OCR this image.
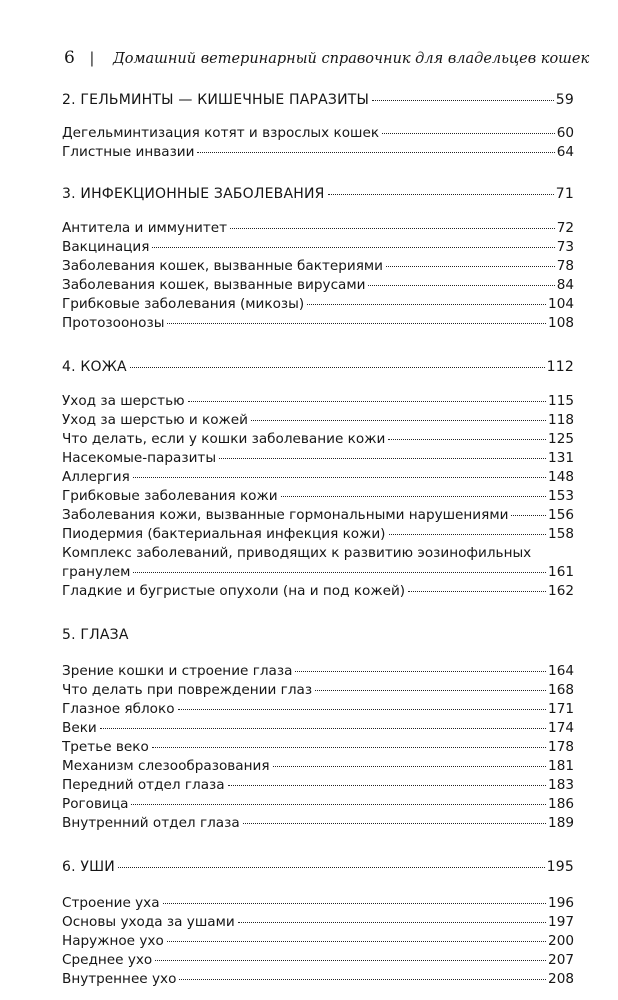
6 | Домашний ветеринарный справочник для владельцев кошек
2. ГЕЛЬМИНТЫ — КИШЕЧНЫЕ ПАРАЗИТЫ	59
Дегельминтизация котят и взрослых кошек	60
Глистные инвазии	64
3. ИНФЕКЦИОННЫЕ ЗАБОЛЕВАНИЯ	71
Антитела и иммунитет	72
Вакцинация	73
Заболевания кошек, вызванные бактериями	78
Заболевания кошек, вызванные вирусами	84
Грибковые заболевания (микозы)	104
Протозоонозы	108
4. КОЖА	112
Уход за шерстью	115
Уход за шерстью и кожей	118
Что делать, если у кошки заболевание кожи	125
Насекомые-паразиты	131
Аллергия	148
Грибковые заболевания кожи	153
Заболевания кожи, вызванные гормональными нарушениями	156
Пиодермия (бактериальная инфекция кожи)	158
Комплекс заболеваний, приводящих к развитию эозинофильных
гранулем	161
Гладкие и бугристые опухоли (на и под кожей)	162
5. ГЛАЗА
Зрение кошки и строение глаза	164
Что делать при повреждении глаз	168
Глазное яблоко	171
Веки	174
Третье веко	178
Механизм слезообразования	181
Передний отдел глаза	183
Роговица	186
Внутренний отдел глаза	189
6. УШИ	195
Строение уха	196
Основы ухода за ушами	197
Наружное ухо	200
Среднее ухо	207
Внутреннее ухо	208
